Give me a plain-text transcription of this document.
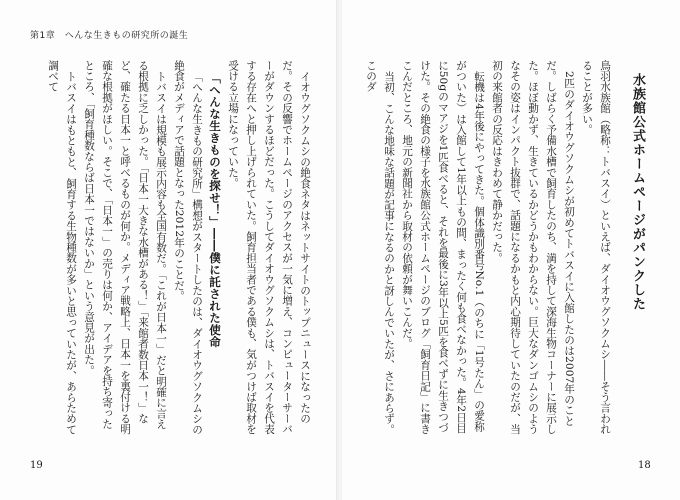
第1章　へんな生きもの研究所の誕生

イオウグソクムシの絶食ネタはネットサイトのトップニュースになったのだ。その反響でホームページのアクセスが一気に増え、コンピューターサーバーがダウンするほどだった。こうしてダイオウグソクムシは、トバスイを代表する存在へと押し上げられていた。飼育担当者である僕も、気がつけば取材を受ける立場になっていた。

「へんな生きものを探せ！」――僕に託された使命

「へんな生きもの研究所」構想がスタートしたのは、ダイオウグソクムシの絶食がメディアで話題となった2012年のことだ。

トバスイは規模も展示内容も全国有数だ。「これが日本一」だと明確に言える根拠に乏しかった。「日本一大きな水槽がある！」「来館者数日本一！」など、確たる日本一と呼べるものが何か。メディア戦略上、日本一を裏付ける明確な根拠がほしい。そこで、「日本一」の売りは何か、アイデアを持ち寄ったところ、「飼育種数ならば日本一ではないか」という意見が出た。

トバスイはもともと、飼育する生物種数が多いと思っていたが、あらためて調べて

19

水族館公式ホームページがパンクした

鳥羽水族館（略称：トバスイ）といえば、ダイオウグソクムシ――そう言われることが多い。

2匹のダイオウグソクムシが初めてトバスイに入館したのは2007年のことだ。しばらく予備水槽で飼育したのち、満を持して深海生物コーナーに展示した。ほぼ動かず、生きているかどうかもわからない。巨大なダンゴムシのようなその姿はインパクト抜群で、話題になるかもと内心期待していたのだが、当初の来館者の反応はきわめて静かだった。

転機は4年後にやってきた。個体識別番号No.1（のちに「1号たん」の愛称がついた）は入館して1年以上もの間、まったく何も食べなかった。4年2日目に50gのマアジを1匹食べると、それを最後に3年以上5匹を食べずに生きつづけた。その絶食の様子を水族館公式ホームページのブログ「飼育日記」に書きこんだところ、地元の新聞社から取材の依頼が舞いこんだ。

当初、こんな地味な話題が記事になるのかと訝しんでいたが、さにあらず。このダ

18
